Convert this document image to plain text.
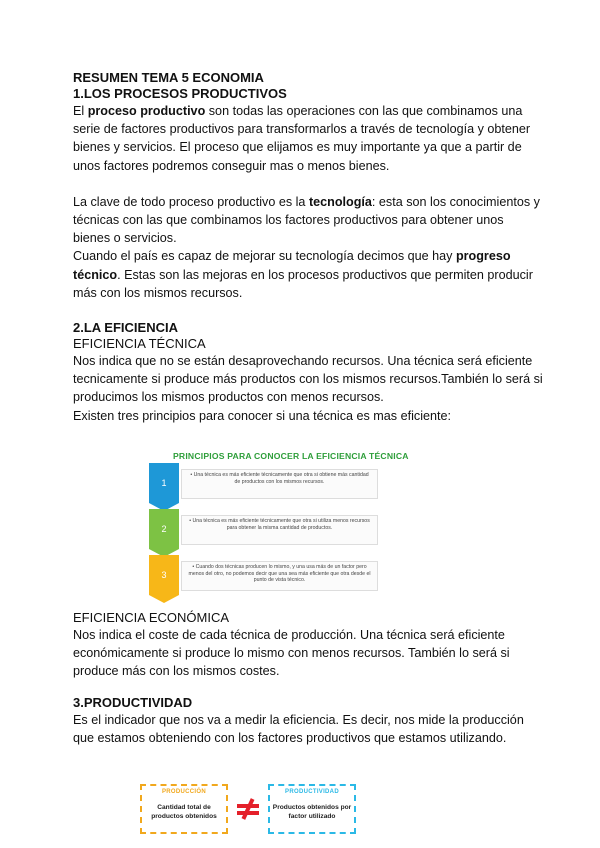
RESUMEN TEMA 5 ECONOMIA

1.LOS PROCESOS PRODUCTIVOS

El proceso productivo son todas las operaciones con las que combinamos una serie de factores productivos para transformarlos a través de tecnología y obtener bienes y servicios. El proceso que elijamos es muy importante ya que a partir de unos factores podremos conseguir mas o menos bienes.

La clave de todo proceso productivo es la tecnología: esta son los conocimientos y técnicas con las que combinamos los factores productivos para obtener unos bienes o servicios.

Cuando el país es capaz de mejorar su tecnología decimos que hay progreso técnico. Estas son las mejoras en los procesos productivos que permiten producir más con los mismos recursos.

2.LA EFICIENCIA

EFICIENCIA TÉCNICA

Nos indica que no se están desaprovechando recursos. Una técnica será eficiente tecnicamente si produce más productos con los mismos recursos.También lo será si producimos los mismos productos con menos recursos.

Existen tres principios para conocer si una técnica es mas eficiente:

PRINCIPIOS PARA CONOCER LA EFICIENCIA TÉCNICA
1
• Una técnica es más eficiente técnicamente que otra si obtiene más cantidad de productos con los mismos recursos.
2
• Una técnica es más eficiente técnicamente que otra si utiliza menos recursos para obtener la misma cantidad de productos.
3
• Cuando dos técnicas producen lo mismo, y una usa más de un factor pero menos del otro, no podemos decir que una sea más eficiente que otra desde el punto de vista técnico.

EFICIENCIA ECONÓMICA

Nos indica el coste de cada técnica de producción. Una técnica será eficiente económicamente si produce lo mismo con menos recursos. También lo será si produce más con los mismos costes.

3.PRODUCTIVIDAD

Es el indicador que nos va a medir la eficiencia. Es decir, nos mide la producción que estamos obteniendo con los factores productivos que estamos utilizando.

PRODUCCIÓN
Cantidad total de productos obtenidos
PRODUCTIVIDAD
Productos obtenidos por factor utilizado
